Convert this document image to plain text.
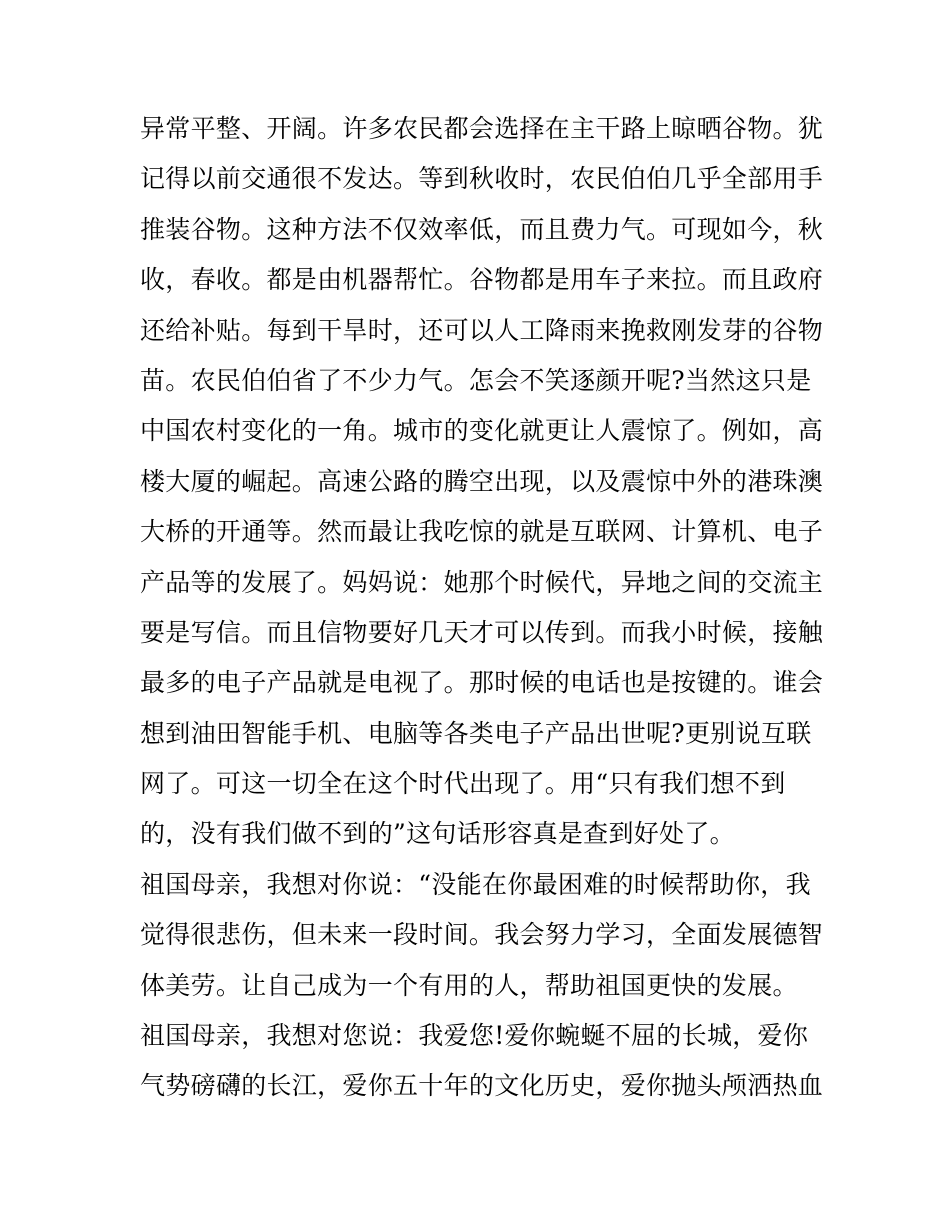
异常平整、开阔。许多农民都会选择在主干路上晾晒谷物。犹
记得以前交通很不发达。等到秋收时，农民伯伯几乎全部用手
推装谷物。这种方法不仅效率低，而且费力气。可现如今，秋
收，春收。都是由机器帮忙。谷物都是用车子来拉。而且政府
还给补贴。每到干旱时，还可以人工降雨来挽救刚发芽的谷物
苗。农民伯伯省了不少力气。怎会不笑逐颜开呢?当然这只是
中国农村变化的一角。城市的变化就更让人震惊了。例如，高
楼大厦的崛起。高速公路的腾空出现，以及震惊中外的港珠澳
大桥的开通等。然而最让我吃惊的就是互联网、计算机、电子
产品等的发展了。妈妈说：她那个时候代，异地之间的交流主
要是写信。而且信物要好几天才可以传到。而我小时候，接触
最多的电子产品就是电视了。那时候的电话也是按键的。谁会
想到油田智能手机、电脑等各类电子产品出世呢?更别说互联
网了。可这一切全在这个时代出现了。用“只有我们想不到
的，没有我们做不到的”这句话形容真是查到好处了。
祖国母亲，我想对你说：“没能在你最困难的时候帮助你，我
觉得很悲伤，但未来一段时间。我会努力学习，全面发展德智
体美劳。让自己成为一个有用的人，帮助祖国更快的发展。
祖国母亲，我想对您说：我爱您!爱你蜿蜒不屈的长城，爱你
气势磅礴的长江，爱你五十年的文化历史，爱你抛头颅洒热血
